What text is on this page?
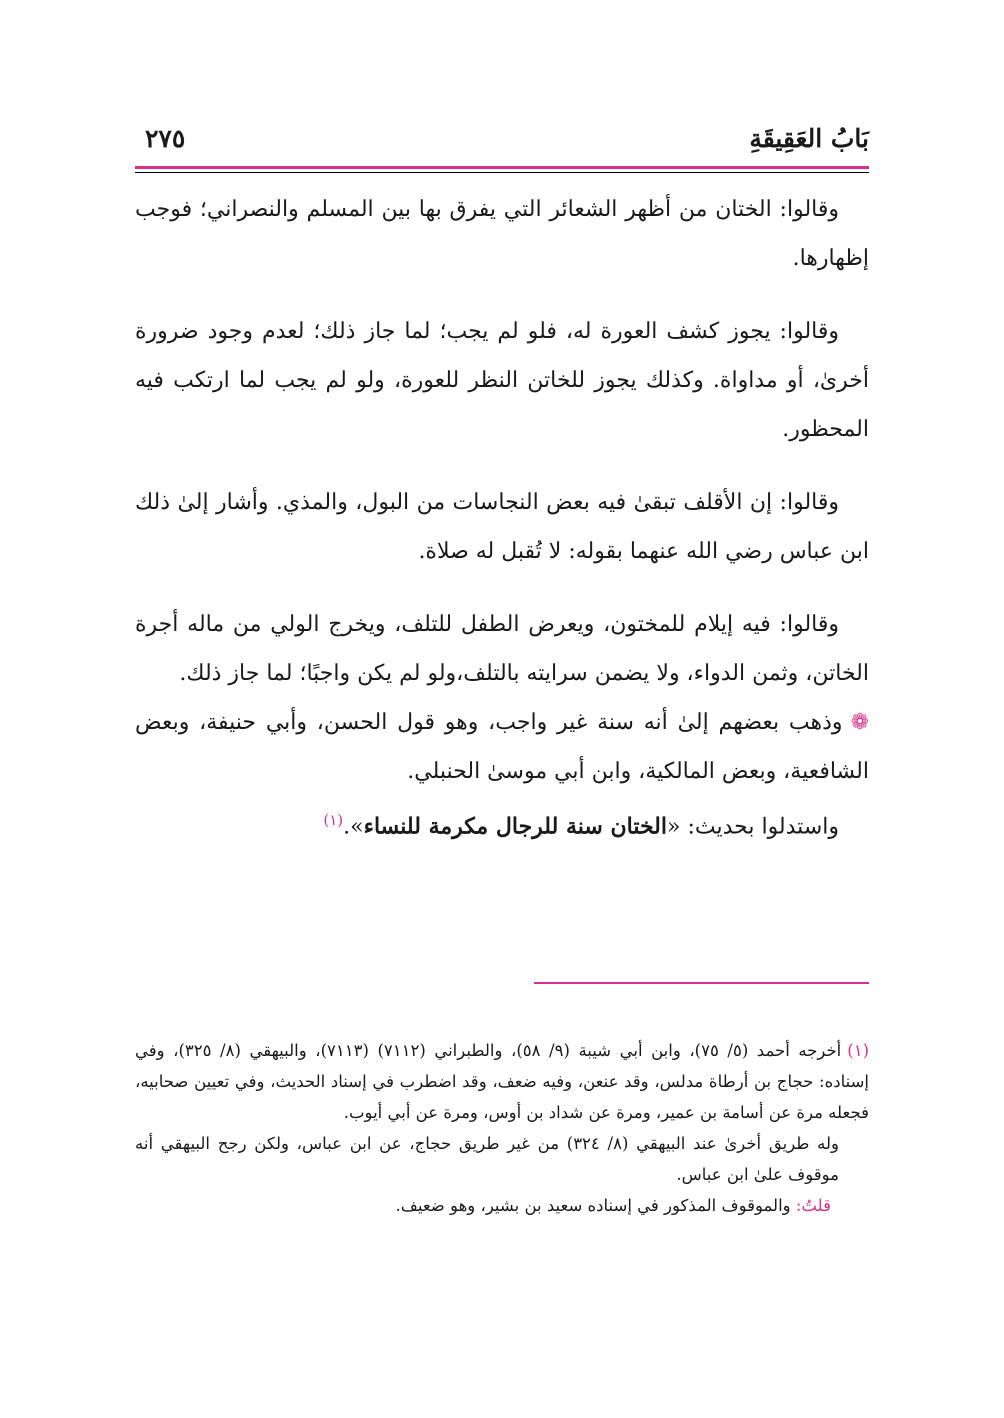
بَابُ العَقِيقَةِ
٢٧٥

وقالوا: الختان من أظهر الشعائر التي يفرق بها بين المسلم والنصراني؛ فوجب إظهارها.

وقالوا: يجوز كشف العورة له، فلو لم يجب؛ لما جاز ذلك؛ لعدم وجود ضرورة أخرىٰ، أو مداواة. وكذلك يجوز للخاتن النظر للعورة، ولو لم يجب لما ارتكب فيه المحظور.

وقالوا: إن الأقلف تبقىٰ فيه بعض النجاسات من البول، والمذي. وأشار إلىٰ ذلك ابن عباس رضي الله عنهما بقوله: لا تُقبل له صلاة.

وقالوا: فيه إيلام للمختون، ويعرض الطفل للتلف، ويخرج الولي من ماله أجرة الخاتن، وثمن الدواء، ولا يضمن سرايته بالتلف،ولو لم يكن واجبًا؛ لما جاز ذلك.

❁وذهب بعضهم إلىٰ أنه سنة غير واجب، وهو قول الحسن، وأبي حنيفة، وبعض الشافعية، وبعض المالكية، وابن أبي موسىٰ الحنبلي.

واستدلوا بحديث: «الختان سنة للرجال مكرمة للنساء».$^{(١)}$

(١)أخرجه أحمد (٥/ ٧٥)، وابن أبي شيبة (٩/ ٥٨)، والطبراني (٧١١٢) (٧١١٣)، والبيهقي (٨/ ٣٢٥)، وفي إسناده: حجاج بن أرطاة مدلس، وقد عنعن، وفيه ضعف، وقد اضطرب في إسناد الحديث، وفي تعيين صحابيه، فجعله مرة عن أسامة بن عمير، ومرة عن شداد بن أوس، ومرة عن أبي أيوب.

وله طريق أخرىٰ عند البيهقي (٨/ ٣٢٤) من غير طريق حجاج، عن ابن عباس، ولكن رجح البيهقي أنه موقوف علىٰ ابن عباس.

قلتُ: والموقوف المذكور في إسناده سعيد بن بشير، وهو ضعيف.
